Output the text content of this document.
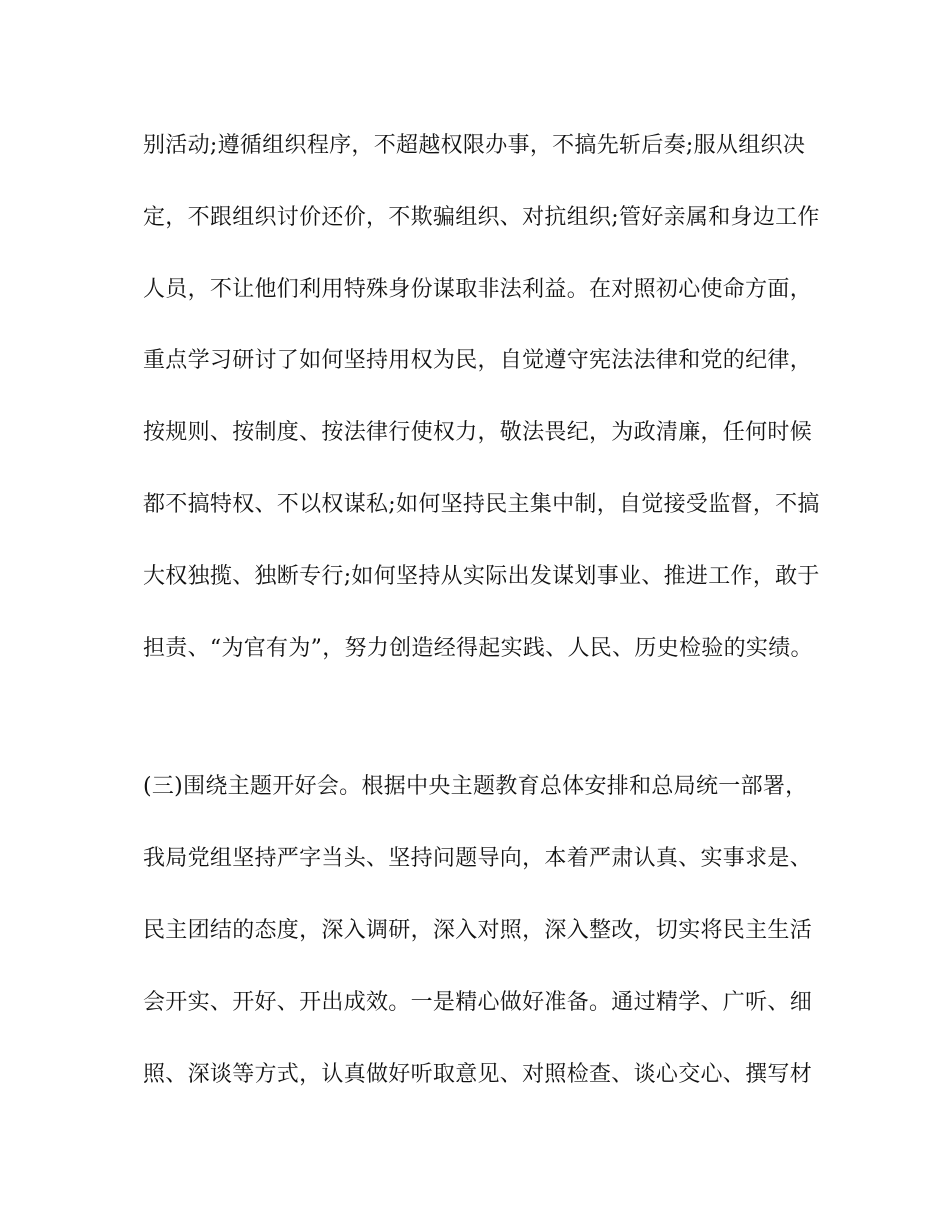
别活动;遵循组织程序，不超越权限办事，不搞先斩后奏;服从组织决
定，不跟组织讨价还价，不欺骗组织、对抗组织;管好亲属和身边工作
人员，不让他们利用特殊身份谋取非法利益。在对照初心使命方面，
重点学习研讨了如何坚持用权为民，自觉遵守宪法法律和党的纪律，
按规则、按制度、按法律行使权力，敬法畏纪，为政清廉，任何时候
都不搞特权、不以权谋私;如何坚持民主集中制，自觉接受监督，不搞
大权独揽、独断专行;如何坚持从实际出发谋划事业、推进工作，敢于
担责、“为官有为”，努力创造经得起实践、人民、历史检验的实绩。
(三)围绕主题开好会。根据中央主题教育总体安排和总局统一部署，
我局党组坚持严字当头、坚持问题导向，本着严肃认真、实事求是、
民主团结的态度，深入调研，深入对照，深入整改，切实将民主生活
会开实、开好、开出成效。一是精心做好准备。通过精学、广听、细
照、深谈等方式，认真做好听取意见、对照检查、谈心交心、撰写材
